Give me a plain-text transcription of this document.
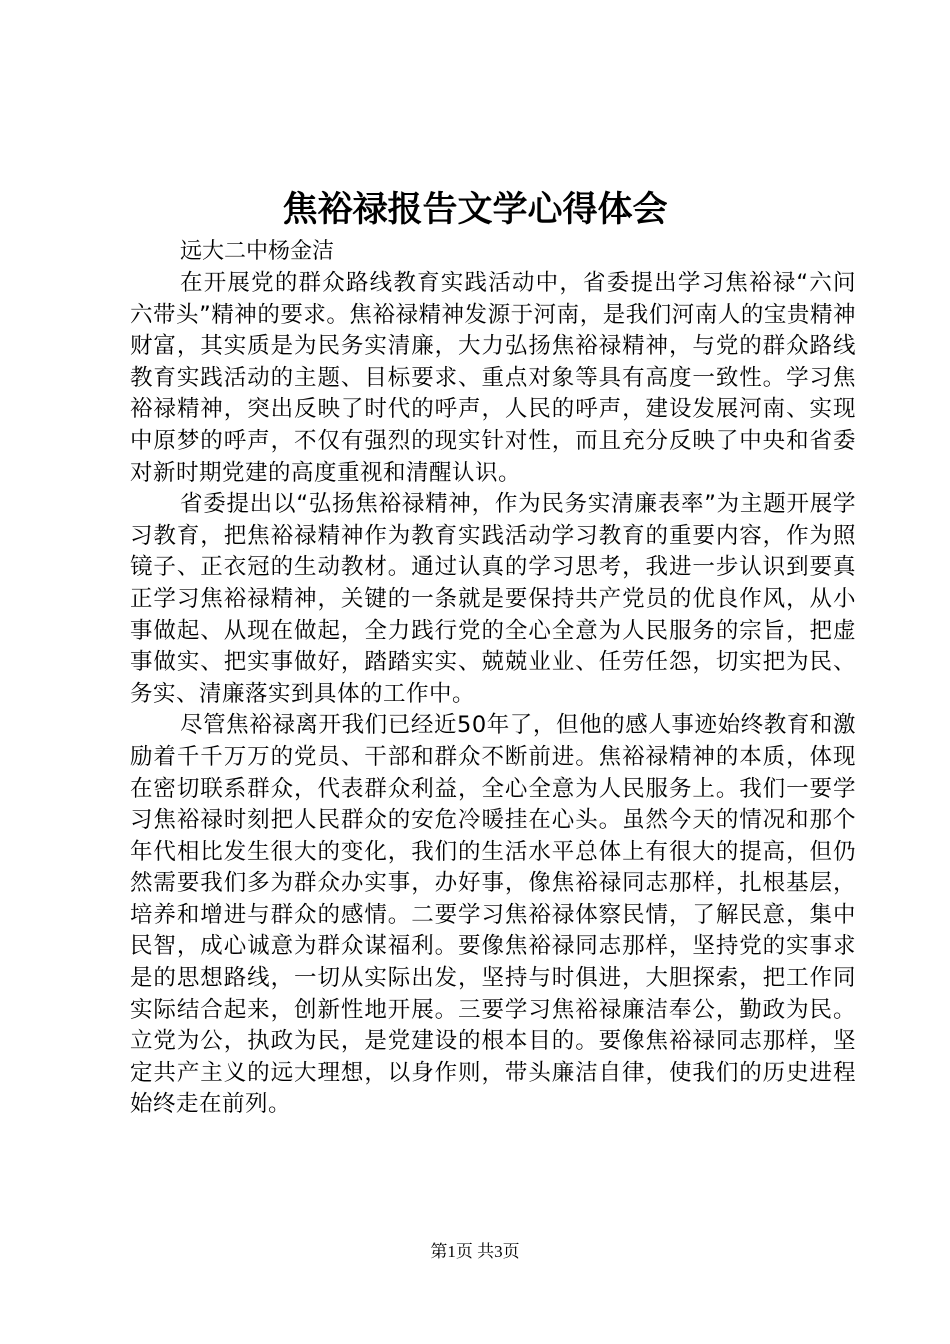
焦裕禄报告文学心得体会

远大二中杨金洁

在开展党的群众路线教育实践活动中，省委提出学习焦裕禄“六问六带头”精神的要求。焦裕禄精神发源于河南，是我们河南人的宝贵精神财富，其实质是为民务实清廉，大力弘扬焦裕禄精神，与党的群众路线教育实践活动的主题、目标要求、重点对象等具有高度一致性。学习焦裕禄精神，突出反映了时代的呼声，人民的呼声，建设发展河南、实现中原梦的呼声，不仅有强烈的现实针对性，而且充分反映了中央和省委对新时期党建的高度重视和清醒认识。

省委提出以“弘扬焦裕禄精神，作为民务实清廉表率”为主题开展学习教育，把焦裕禄精神作为教育实践活动学习教育的重要内容，作为照镜子、正衣冠的生动教材。通过认真的学习思考，我进一步认识到要真正学习焦裕禄精神，关键的一条就是要保持共产党员的优良作风，从小事做起、从现在做起，全力践行党的全心全意为人民服务的宗旨，把虚事做实、把实事做好，踏踏实实、兢兢业业、任劳任怨，切实把为民、务实、清廉落实到具体的工作中。

尽管焦裕禄离开我们已经近50年了，但他的感人事迹始终教育和激励着千千万万的党员、干部和群众不断前进。焦裕禄精神的本质，体现在密切联系群众，代表群众利益，全心全意为人民服务上。我们一要学习焦裕禄时刻把人民群众的安危冷暖挂在心头。虽然今天的情况和那个年代相比发生很大的变化，我们的生活水平总体上有很大的提高，但仍然需要我们多为群众办实事，办好事，像焦裕禄同志那样，扎根基层，培养和增进与群众的感情。二要学习焦裕禄体察民情，了解民意，集中民智，成心诚意为群众谋福利。要像焦裕禄同志那样，坚持党的实事求是的思想路线，一切从实际出发，坚持与时俱进，大胆探索，把工作同实际结合起来，创新性地开展。三要学习焦裕禄廉洁奉公，勤政为民。立党为公，执政为民，是党建设的根本目的。要像焦裕禄同志那样，坚定共产主义的远大理想，以身作则，带头廉洁自律，使我们的历史进程始终走在前列。

第1页 共3页
